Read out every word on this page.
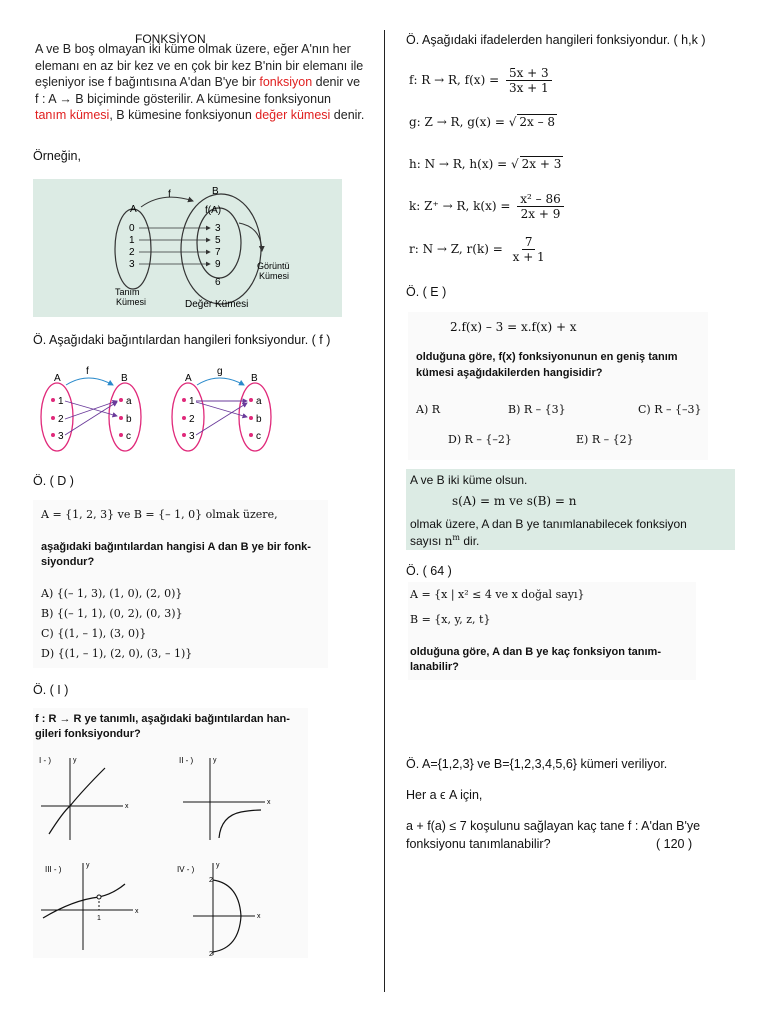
FONKSİYON
A ve B boş olmayan iki küme olmak üzere, eğer A'nın her elemanı en az bir kez ve en çok bir kez B'nin bir elemanı ile eşleniyor ise f bağıntısına A'dan B'ye bir fonksiyon denir ve f : A → B biçiminde gösterilir. A kümesine fonksiyonun tanım kümesi, B kümesine fonksiyonun değer kümesi denir.
Örneğin,
A
f	B
f(A)
0
1
2
3
3
5
7
9
6
Görüntü
Kümesi
Tanım
Kümesi	Değer Kümesi
Ö. Aşağıdaki bağıntılardan hangileri fonksiyondur. ( f )
A	B
f
1
2
3
a
b
c
A	B
g
1
2
3
a
b
c
Ö. ( D )
A = {1, 2, 3} ve B = {– 1, 0} olmak üzere,
aşağıdaki bağıntılardan hangisi A dan B ye bir fonk-
siyondur?
A) {(– 1, 3), (1, 0), (2, 0)}
B) {(– 1, 1), (0, 2), (0, 3)}
C) {(1, – 1), (3, 0)}
D) {(1, – 1), (2, 0), (3, – 1)}
Ö. ( I )
f : R → R ye tanımlı, aşağıdaki bağıntılardan han-
gileri fonksiyondur?
I - )
x
y	II - )
x
y
III - )
x
y
1
IV - )
x
y
2
2
Ö. Aşağıdaki ifadelerden hangileri fonksiyondur. ( h,k )
f: R → R, $f(x) = \frac{5x + 3}{3x + 1}$
g: Z → R, g(x) = √ 2x – 8
h: N → R, h(x) = √ 2x + 3
k: Z⁺ → R, $k(x) = \frac{\text{x² – 86}}{2x + 9}$
r: N → Z, $r(k) = \frac{7}{x + 1}$
Ö. ( E )
2.f(x) – 3 = x.f(x) + x
olduğuna göre, f(x) fonksiyonunun en geniş tanım
kümesi aşağıdakilerden hangisidir?
A) R	B) R – {3}	C) R – {–3}
D) R – {–2}	E) R – {2}
A ve B iki küme olsun.
s(A) = m ve s(B) = n
olmak üzere, A dan B ye tanımlanabilecek fonksiyon
sayısı $n^m$ dir.
Ö. ( 64 )
A = {x | x² ≤ 4 ve x doğal sayı}
B = {x, y, z, t}
olduğuna göre, A dan B ye kaç fonksiyon tanım-
lanabilir?
Ö. A={1,2,3} ve B={1,2,3,4,5,6} kümeri veriliyor.
Her a ϵ A için,
a + f(a) ≤ 7 koşulunu sağlayan kaç tane f : A'dan B'ye
fonksiyonu tanımlanabilir?	( 120 )
